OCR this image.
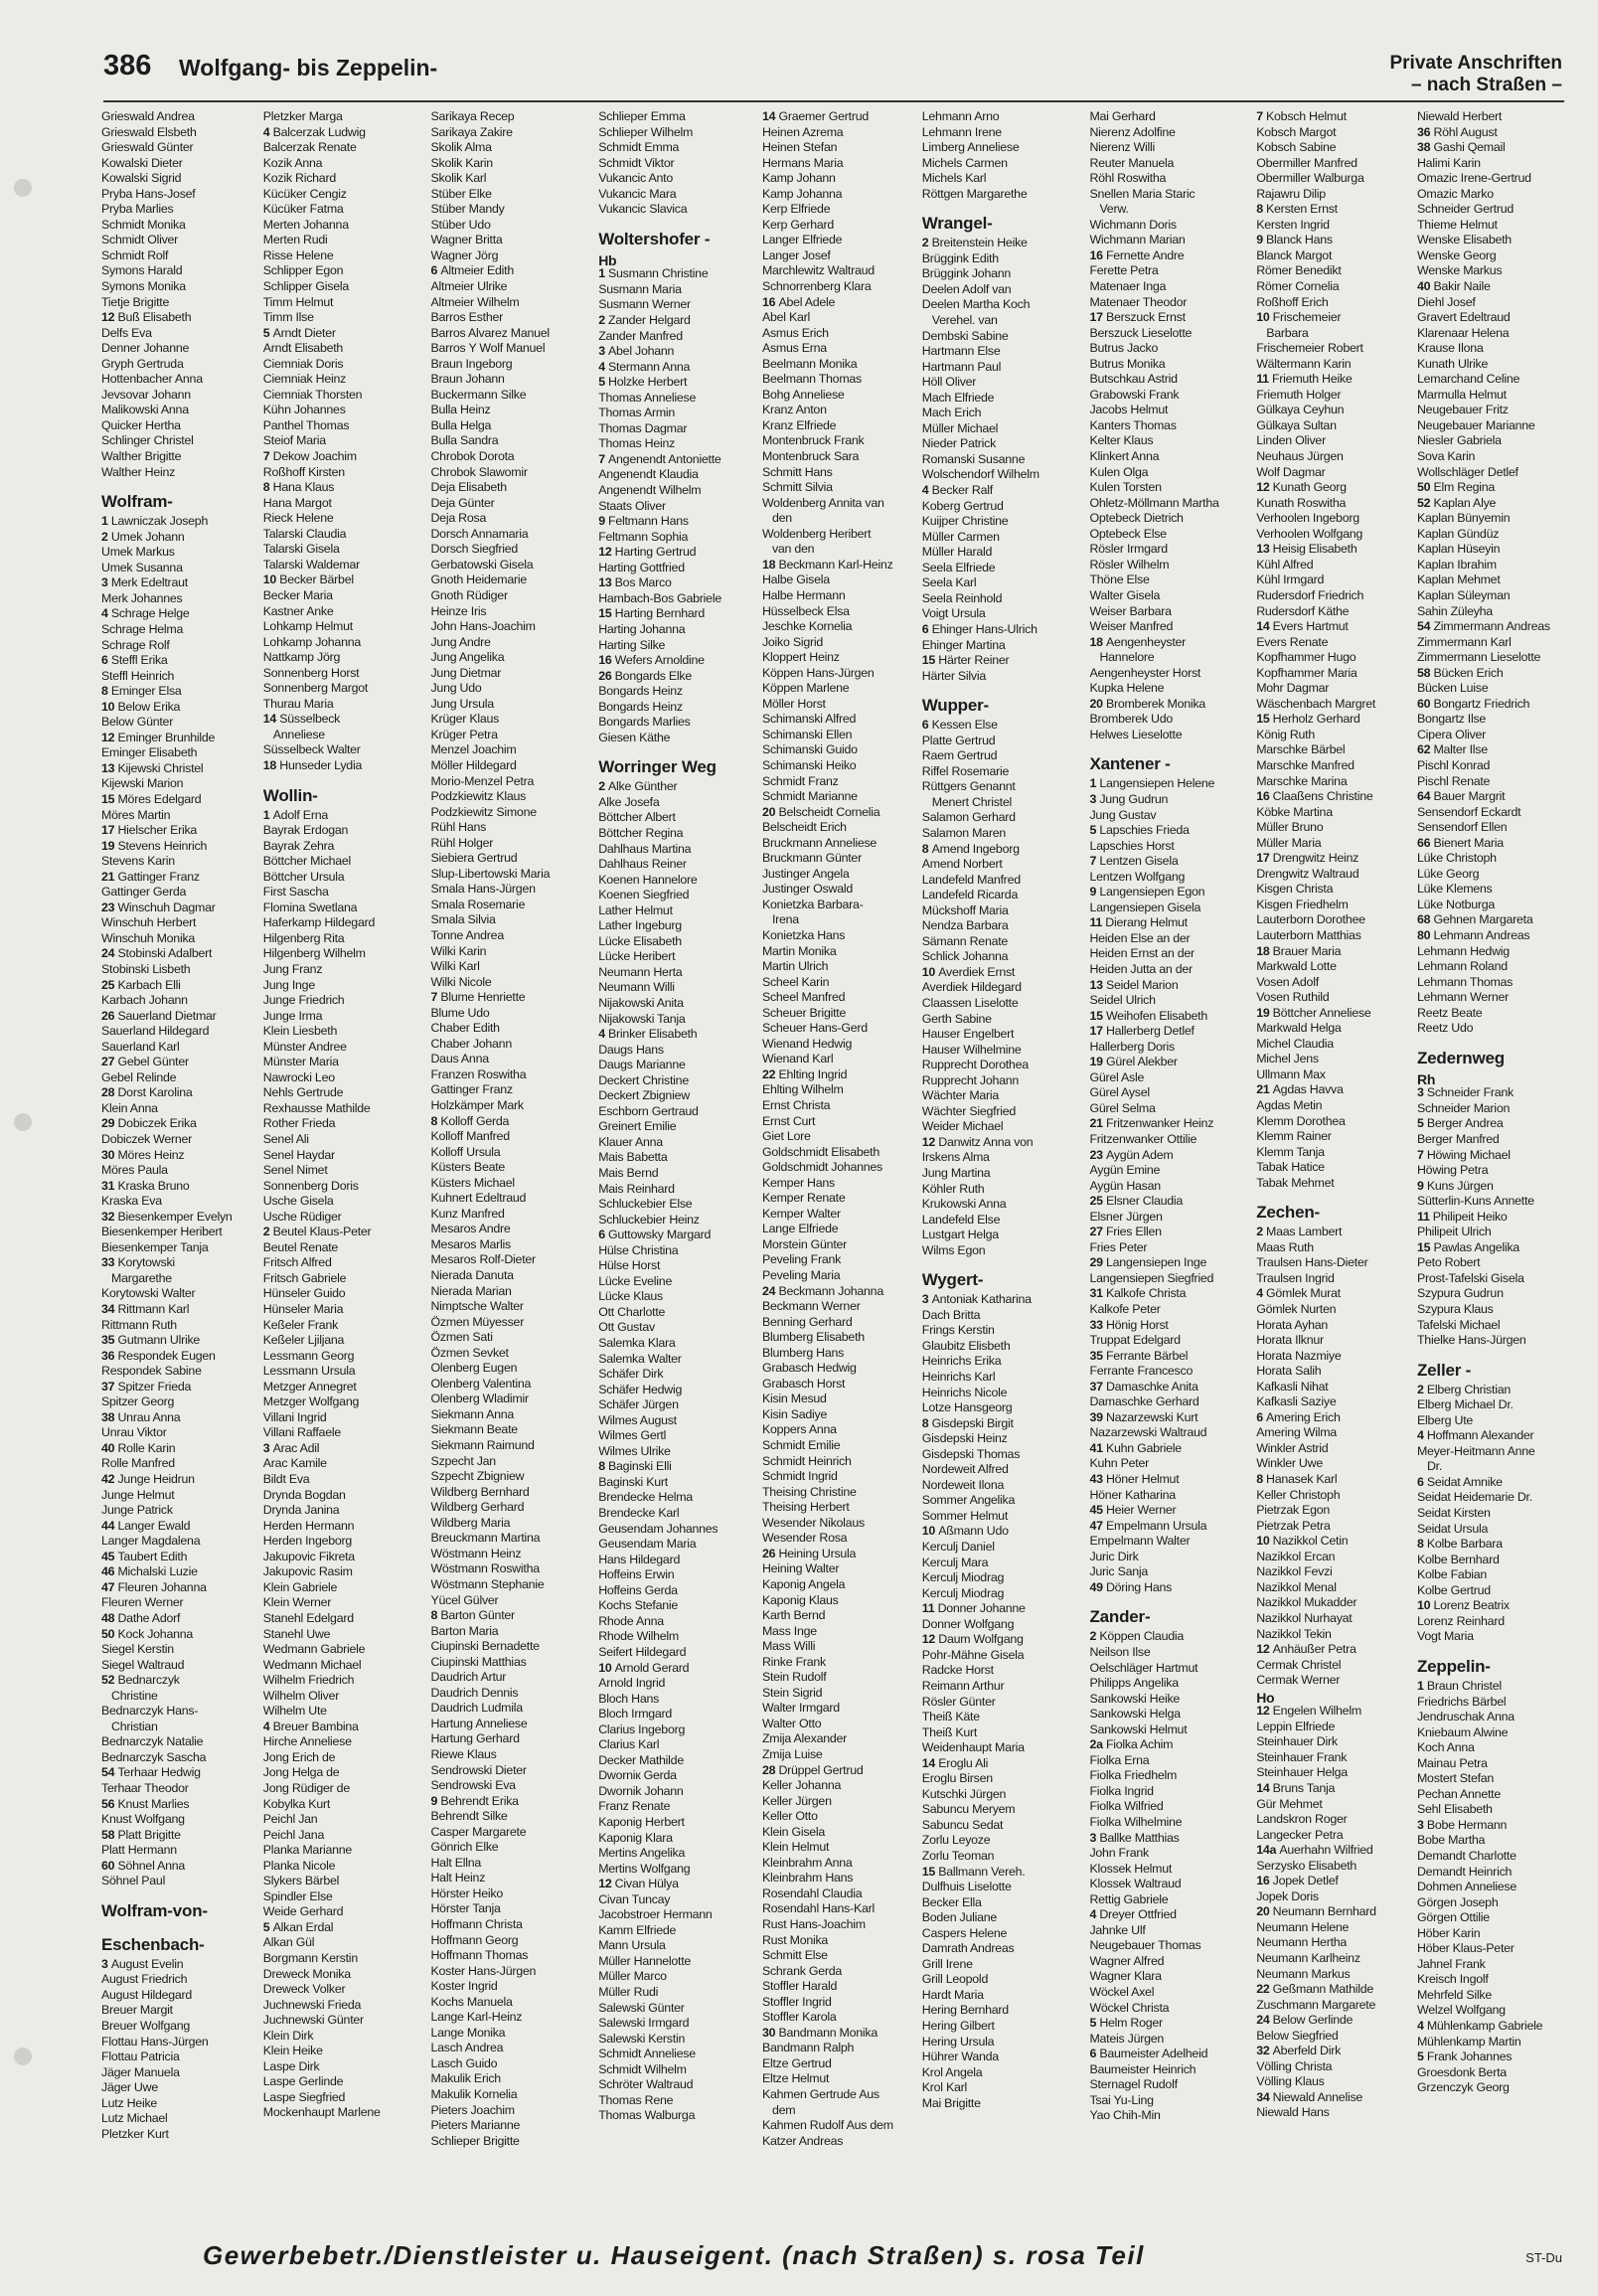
386 Wolfgang- bis Zeppelin-	Private Anschriften
– nach Straßen –
Grieswald Andrea
Grieswald Elsbeth
Grieswald Günter
Kowalski Dieter
Kowalski Sigrid
Pryba Hans-Josef
Pryba Marlies
Schmidt Monika
Schmidt Oliver
Schmidt Rolf
Symons Harald
Symons Monika
Tietje Brigitte
12 Buß Elisabeth
Delfs Eva
Denner Johanne
Gryph Gertruda
Hottenbacher Anna
Jevsovar Johann
Malikowski Anna
Quicker Hertha
Schlinger Christel
Walther Brigitte
Walther Heinz
Wolfram-
1 Lawniczak Joseph
2 Umek Johann
Umek Markus
Umek Susanna
3 Merk Edeltraut
Merk Johannes
4 Schrage Helge
Schrage Helma
Schrage Rolf
6 Steffl Erika
Steffl Heinrich
8 Eminger Elsa
10 Below Erika
Below Günter
12 Eminger Brunhilde
Eminger Elisabeth
13 Kijewski Christel
Kijewski Marion
15 Möres Edelgard
Möres Martin
17 Hielscher Erika
19 Stevens Heinrich
Stevens Karin
21 Gattinger Franz
Gattinger Gerda
23 Winschuh Dagmar
Winschuh Herbert
Winschuh Monika
24 Stobinski Adalbert
Stobinski Lisbeth
25 Karbach Elli
Karbach Johann
26 Sauerland Dietmar
Sauerland Hildegard
Sauerland Karl
27 Gebel Günter
Gebel Relinde
28 Dorst Karolina
Klein Anna
29 Dobiczek Erika
Dobiczek Werner
30 Möres Heinz
Möres Paula
31 Kraska Bruno
Kraska Eva
32 Biesenkemper Evelyn
Biesenkemper Heribert
Biesenkemper Tanja
33 Korytowski
Margarethe
Korytowski Walter
34 Rittmann Karl
Rittmann Ruth
35 Gutmann Ulrike
36 Respondek Eugen
Respondek Sabine
37 Spitzer Frieda
Spitzer Georg
38 Unrau Anna
Unrau Viktor
40 Rolle Karin
Rolle Manfred
42 Junge Heidrun
Junge Helmut
Junge Patrick
44 Langer Ewald
Langer Magdalena
45 Taubert Edith
46 Michalski Luzie
47 Fleuren Johanna
Fleuren Werner
48 Dathe Adorf
50 Kock Johanna
Siegel Kerstin
Siegel Waltraud
52 Bednarczyk
Christine
Bednarczyk Hans-
Christian
Bednarczyk Natalie
Bednarczyk Sascha
54 Terhaar Hedwig
Terhaar Theodor
56 Knust Marlies
Knust Wolfgang
58 Platt Brigitte
Platt Hermann
60 Söhnel Anna
Söhnel Paul
Wolfram-von-
Eschenbach-
3 August Evelin
August Friedrich
August Hildegard
Breuer Margit
Breuer Wolfgang
Flottau Hans-Jürgen
Flottau Patricia
Jäger Manuela
Jäger Uwe
Lutz Heike
Lutz Michael
Pletzker Kurt
Pletzker Marga
4 Balcerzak Ludwig
Balcerzak Renate
Kozik Anna
Kozik Richard
Kücüker Cengiz
Kücüker Fatma
Merten Johanna
Merten Rudi
Risse Helene
Schlipper Egon
Schlipper Gisela
Timm Helmut
Timm Ilse
5 Arndt Dieter
Arndt Elisabeth
Ciemniak Doris
Ciemniak Heinz
Ciemniak Thorsten
Kühn Johannes
Panthel Thomas
Steiof Maria
7 Dekow Joachim
Roßhoff Kirsten
8 Hana Klaus
Hana Margot
Rieck Helene
Talarski Claudia
Talarski Gisela
Talarski Waldemar
10 Becker Bärbel
Becker Maria
Kastner Anke
Lohkamp Helmut
Lohkamp Johanna
Nattkamp Jörg
Sonnenberg Horst
Sonnenberg Margot
Thurau Maria
14 Süsselbeck
Anneliese
Süsselbeck Walter
18 Hunseder Lydia
Wollin-
1 Adolf Erna
Bayrak Erdogan
Bayrak Zehra
Böttcher Michael
Böttcher Ursula
First Sascha
Flomina Swetlana
Haferkamp Hildegard
Hilgenberg Rita
Hilgenberg Wilhelm
Jung Franz
Jung Inge
Junge Friedrich
Junge Irma
Klein Liesbeth
Münster Andree
Münster Maria
Nawrocki Leo
Nehls Gertrude
Rexhausse Mathilde
Rother Frieda
Senel Ali
Senel Haydar
Senel Nimet
Sonnenberg Doris
Usche Gisela
Usche Rüdiger
2 Beutel Klaus-Peter
Beutel Renate
Fritsch Alfred
Fritsch Gabriele
Hünseler Guido
Hünseler Maria
Keßeler Frank
Keßeler Ljiljana
Lessmann Georg
Lessmann Ursula
Metzger Annegret
Metzger Wolfgang
Villani Ingrid
Villani Raffaele
3 Arac Adil
Arac Kamile
Bildt Eva
Drynda Bogdan
Drynda Janina
Herden Hermann
Herden Ingeborg
Jakupovic Fikreta
Jakupovic Rasim
Klein Gabriele
Klein Werner
Stanehl Edelgard
Stanehl Uwe
Wedmann Gabriele
Wedmann Michael
Wilhelm Friedrich
Wilhelm Oliver
Wilhelm Ute
4 Breuer Bambina
Hirche Anneliese
Jong Erich de
Jong Helga de
Jong Rüdiger de
Kobylka Kurt
Peichl Jan
Peichl Jana
Planka Marianne
Planka Nicole
Slykers Bärbel
Spindler Else
Weide Gerhard
5 Alkan Erdal
Alkan Gül
Borgmann Kerstin
Dreweck Monika
Dreweck Volker
Juchnewski Frieda
Juchnewski Günter
Klein Dirk
Klein Heike
Laspe Dirk
Laspe Gerlinde
Laspe Siegfried
Mockenhaupt Marlene
Sarikaya Recep
Sarikaya Zakire
Skolik Alma
Skolik Karin
Skolik Karl
Stüber Elke
Stüber Mandy
Stüber Udo
Wagner Britta
Wagner Jörg
6 Altmeier Edith
Altmeier Ulrike
Altmeier Wilhelm
Barros Esther
Barros Alvarez Manuel
Barros Y Wolf Manuel
Braun Ingeborg
Braun Johann
Buckermann Silke
Bulla Heinz
Bulla Helga
Bulla Sandra
Chrobok Dorota
Chrobok Slawomir
Deja Elisabeth
Deja Günter
Deja Rosa
Dorsch Annamaria
Dorsch Siegfried
Gerbatowski Gisela
Gnoth Heidemarie
Gnoth Rüdiger
Heinze Iris
John Hans-Joachim
Jung Andre
Jung Angelika
Jung Dietmar
Jung Udo
Jung Ursula
Krüger Klaus
Krüger Petra
Menzel Joachim
Möller Hildegard
Morio-Menzel Petra
Podzkiewitz Klaus
Podzkiewitz Simone
Rühl Hans
Rühl Holger
Siebiera Gertrud
Slup-Libertowski Maria
Smala Hans-Jürgen
Smala Rosemarie
Smala Silvia
Tonne Andrea
Wilki Karin
Wilki Karl
Wilki Nicole
7 Blume Henriette
Blume Udo
Chaber Edith
Chaber Johann
Daus Anna
Franzen Roswitha
Gattinger Franz
Holzkämper Mark
8 Kolloff Gerda
Kolloff Manfred
Kolloff Ursula
Küsters Beate
Küsters Michael
Kuhnert Edeltraud
Kunz Manfred
Mesaros Andre
Mesaros Marlis
Mesaros Rolf-Dieter
Nierada Danuta
Nierada Marian
Nimptsche Walter
Özmen Müyesser
Özmen Sati
Özmen Sevket
Olenberg Eugen
Olenberg Valentina
Olenberg Wladimir
Siekmann Anna
Siekmann Beate
Siekmann Raimund
Szpecht Jan
Szpecht Zbigniew
Wildberg Bernhard
Wildberg Gerhard
Wildberg Maria
Breuckmann Martina
Wöstmann Heinz
Wöstmann Roswitha
Wöstmann Stephanie
Yücel Gülver
8 Barton Günter
Barton Maria
Ciupinski Bernadette
Ciupinski Matthias
Daudrich Artur
Daudrich Dennis
Daudrich Ludmila
Hartung Anneliese
Hartung Gerhard
Riewe Klaus
Sendrowski Dieter
Sendrowski Eva
9 Behrendt Erika
Behrendt Silke
Casper Margarete
Gönrich Elke
Halt Ellna
Halt Heinz
Hörster Heiko
Hörster Tanja
Hoffmann Christa
Hoffmann Georg
Hoffmann Thomas
Koster Hans-Jürgen
Koster Ingrid
Kochs Manuela
Lange Karl-Heinz
Lange Monika
Lasch Andrea
Lasch Guido
Makulik Erich
Makulik Kornelia
Pieters Joachim
Pieters Marianne
Schlieper Brigitte
Schlieper Emma
Schlieper Wilhelm
Schmidt Emma
Schmidt Viktor
Vukancic Anto
Vukancic Mara
Vukancic Slavica
Woltershofer -
Hb
1 Susmann Christine
Susmann Maria
Susmann Werner
2 Zander Helgard
Zander Manfred
3 Abel Johann
4 Stermann Anna
5 Holzke Herbert
Thomas Anneliese
Thomas Armin
Thomas Dagmar
Thomas Heinz
7 Angenendt Antoniette
Angenendt Klaudia
Angenendt Wilhelm
Staats Oliver
9 Feltmann Hans
Feltmann Sophia
12 Harting Gertrud
Harting Gottfried
13 Bos Marco
Hambach-Bos Gabriele
15 Harting Bernhard
Harting Johanna
Harting Silke
16 Wefers Arnoldine
26 Bongards Elke
Bongards Heinz
Bongards Heinz
Bongards Marlies
Giesen Käthe
Worringer Weg
2 Alke Günther
Alke Josefa
Böttcher Albert
Böttcher Regina
Dahlhaus Martina
Dahlhaus Reiner
Koenen Hannelore
Koenen Siegfried
Lather Helmut
Lather Ingeburg
Lücke Elisabeth
Lücke Heribert
Neumann Herta
Neumann Willi
Nijakowski Anita
Nijakowski Tanja
4 Brinker Elisabeth
Daugs Hans
Daugs Marianne
Deckert Christine
Deckert Zbigniew
Eschborn Gertraud
Greinert Emilie
Klauer Anna
Mais Babetta
Mais Bernd
Mais Reinhard
Schluckebier Else
Schluckebier Heinz
6 Guttowsky Margard
Hülse Christina
Hülse Horst
Lücke Eveline
Lücke Klaus
Ott Charlotte
Ott Gustav
Salemka Klara
Salemka Walter
Schäfer Dirk
Schäfer Hedwig
Schäfer Jürgen
Wilmes August
Wilmes Gertl
Wilmes Ulrike
8 Baginski Elli
Baginski Kurt
Brendecke Helma
Brendecke Karl
Geusendam Johannes
Geusendam Maria
Hans Hildegard
Hoffeins Erwin
Hoffeins Gerda
Kochs Stefanie
Rhode Anna
Rhode Wilhelm
Seifert Hildegard
10 Arnold Gerard
Arnold Ingrid
Bloch Hans
Bloch Irmgard
Clarius Ingeborg
Clarius Karl
Decker Mathilde
Dworniк Gerda
Dwornik Johann
Franz Renate
Kaponig Herbert
Kaponig Klara
Mertins Angelika
Mertins Wolfgang
12 Civan Hülya
Civan Tuncay
Jacobstroer Hermann
Kamm Elfriede
Mann Ursula
Müller Hannelotte
Müller Marco
Müller Rudi
Salewski Günter
Salewski Irmgard
Salewski Kerstin
Schmidt Anneliese
Schmidt Wilhelm
Schröter Waltraud
Thomas Rene
Thomas Walburga
14 Graemer Gertrud
Heinen Azrema
Heinen Stefan
Hermans Maria
Kamp Johann
Kamp Johanna
Kerp Elfriede
Kerp Gerhard
Langer Elfriede
Langer Josef
Marchlewitz Waltraud
Schnorrenberg Klara
16 Abel Adele
Abel Karl
Asmus Erich
Asmus Erna
Beelmann Monika
Beelmann Thomas
Bohg Anneliese
Kranz Anton
Kranz Elfriede
Montenbruck Frank
Montenbruck Sara
Schmitt Hans
Schmitt Silvia
Woldenberg Annita van
den
Woldenberg Heribert
van den
18 Beckmann Karl-Heinz
Halbe Gisela
Halbe Hermann
Hüsselbeck Elsa
Jeschke Kornelia
Joiko Sigrid
Kloppert Heinz
Köppen Hans-Jürgen
Köppen Marlene
Möller Horst
Schimanski Alfred
Schimanski Ellen
Schimanski Guido
Schimanski Heiko
Schmidt Franz
Schmidt Marianne
20 Belscheidt Cornelia
Belscheidt Erich
Bruckmann Anneliese
Bruckmann Günter
Justinger Angela
Justinger Oswald
Konietzka Barbara-
Irena
Konietzka Hans
Martin Monika
Martin Ulrich
Scheel Karin
Scheel Manfred
Scheuer Brigitte
Scheuer Hans-Gerd
Wienand Hedwig
Wienand Karl
22 Ehlting Ingrid
Ehlting Wilhelm
Ernst Christa
Ernst Curt
Giet Lore
Goldschmidt Elisabeth
Goldschmidt Johannes
Kemper Hans
Kemper Renate
Kemper Walter
Lange Elfriede
Morstein Günter
Peveling Frank
Peveling Maria
24 Beckmann Johanna
Beckmann Werner
Benning Gerhard
Blumberg Elisabeth
Blumberg Hans
Grabasch Hedwig
Grabasch Horst
Kisin Mesud
Kisin Sadiye
Koppers Anna
Schmidt Emilie
Schmidt Heinrich
Schmidt Ingrid
Theising Christine
Theising Herbert
Wesender Nikolaus
Wesender Rosa
26 Heining Ursula
Heining Walter
Kaponig Angela
Kaponig Klaus
Karth Bernd
Mass Inge
Mass Willi
Rinke Frank
Stein Rudolf
Stein Sigrid
Walter Irmgard
Walter Otto
Zmija Alexander
Zmija Luise
28 Drüppel Gertrud
Keller Johanna
Keller Jürgen
Keller Otto
Klein Gisela
Klein Helmut
Kleinbrahm Anna
Kleinbrahm Hans
Rosendahl Claudia
Rosendahl Hans-Karl
Rust Hans-Joachim
Rust Monika
Schmitt Else
Schrank Gerda
Stoffler Harald
Stoffler Ingrid
Stoffler Karola
30 Bandmann Monika
Bandmann Ralph
Eltze Gertrud
Eltze Helmut
Kahmen Gertrude Aus
dem
Kahmen Rudolf Aus dem
Katzer Andreas
Lehmann Arno
Lehmann Irene
Limberg Anneliese
Michels Carmen
Michels Karl
Röttgen Margarethe
Wrangel-
2 Breitenstein Heike
Brüggink Edith
Brüggink Johann
Deelen Adolf van
Deelen Martha Koch
Verehel. van
Dembski Sabine
Hartmann Else
Hartmann Paul
Höll Oliver
Mach Elfriede
Mach Erich
Müller Michael
Nieder Patrick
Romanski Susanne
Wolschendorf Wilhelm
4 Becker Ralf
Koberg Gertrud
Kuijper Christine
Müller Carmen
Müller Harald
Seela Elfriede
Seela Karl
Seela Reinhold
Voigt Ursula
6 Ehinger Hans-Ulrich
Ehinger Martina
15 Härter Reiner
Härter Silvia
Wupper-
6 Kessen Else
Platte Gertrud
Raem Gertrud
Riffel Rosemarie
Rüttgers Genannt
Menert Christel
Salamon Gerhard
Salamon Maren
8 Amend Ingeborg
Amend Norbert
Landefeld Manfred
Landefeld Ricarda
Mückshoff Maria
Nendza Barbara
Sämann Renate
Schlick Johanna
10 Averdiek Ernst
Averdiek Hildegard
Claassen Liselotte
Gerth Sabine
Hauser Engelbert
Hauser Wilhelmine
Rupprecht Dorothea
Rupprecht Johann
Wächter Maria
Wächter Siegfried
Weider Michael
12 Danwitz Anna von
Irskens Alma
Jung Martina
Köhler Ruth
Krukowski Anna
Landefeld Else
Lustgart Helga
Wilms Egon
Wygert-
3 Antoniak Katharina
Dach Britta
Frings Kerstin
Glaubitz Elisbeth
Heinrichs Erika
Heinrichs Karl
Heinrichs Nicole
Lotze Hansgeorg
8 Gisdepski Birgit
Gisdepski Heinz
Gisdepski Thomas
Nordeweit Alfred
Nordeweit Ilona
Sommer Angelika
Sommer Helmut
10 Aßmann Udo
Kerculj Daniel
Kerculj Mara
Kerculj Miodrag
Kerculj Miodrag
11 Donner Johanne
Donner Wolfgang
12 Daum Wolfgang
Pohr-Mähne Gisela
Radcke Horst
Reimann Arthur
Rösler Günter
Theiß Käte
Theiß Kurt
Weidenhaupt Maria
14 Eroglu Ali
Eroglu Birsen
Kutschki Jürgen
Sabuncu Meryem
Sabuncu Sedat
Zorlu Leyoze
Zorlu Teoman
15 Ballmann Vereh.
Dulfhuis Liselotte
Becker Ella
Boden Juliane
Caspers Helene
Damrath Andreas
Grill Irene
Grill Leopold
Hardt Maria
Hering Bernhard
Hering Gilbert
Hering Ursula
Hührer Wanda
Krol Angela
Krol Karl
Mai Brigitte
Mai Gerhard
Nierenz Adolfine
Nierenz Willi
Reuter Manuela
Röhl Roswitha
Snellen Maria Staric
Verw.
Wichmann Doris
Wichmann Marian
16 Fernette Andre
Ferette Petra
Matenaer Inga
Matenaer Theodor
17 Berszuck Ernst
Berszuck Lieselotte
Butrus Jacko
Butrus Monika
Butschkau Astrid
Grabowski Frank
Jacobs Helmut
Kanters Thomas
Kelter Klaus
Klinkert Anna
Kulen Olga
Kulen Torsten
Ohletz-Möllmann Martha
Optebeck Dietrich
Optebeck Else
Rösler Irmgard
Rösler Wilhelm
Thöne Else
Walter Gisela
Weiser Barbara
Weiser Manfred
18 Aengenheyster
Hannelore
Aengenheyster Horst
Kupka Helene
20 Bromberek Monika
Bromberek Udo
Helwes Lieselotte
Xantener -
1 Langensiepen Helene
3 Jung Gudrun
Jung Gustav
5 Lapschies Frieda
Lapschies Horst
7 Lentzen Gisela
Lentzen Wolfgang
9 Langensiepen Egon
Langensiepen Gisela
11 Dierang Helmut
Heiden Else an der
Heiden Ernst an der
Heiden Jutta an der
13 Seidel Marion
Seidel Ulrich
15 Weihofen Elisabeth
17 Hallerberg Detlef
Hallerberg Doris
19 Gürel Alekber
Gürel Asle
Gürel Aysel
Gürel Selma
21 Fritzenwanker Heinz
Fritzenwanker Ottilie
23 Aygün Adem
Aygün Emine
Aygün Hasan
25 Elsner Claudia
Elsner Jürgen
27 Fries Ellen
Fries Peter
29 Langensiepen Inge
Langensiepen Siegfried
31 Kalkofe Christa
Kalkofe Peter
33 Hönig Horst
Truppat Edelgard
35 Ferrante Bärbel
Ferrante Francesco
37 Damaschke Anita
Damaschke Gerhard
39 Nazarzewski Kurt
Nazarzewski Waltraud
41 Kuhn Gabriele
Kuhn Peter
43 Höner Helmut
Höner Katharina
45 Heier Werner
47 Empelmann Ursula
Empelmann Walter
Juric Dirk
Juric Sanja
49 Döring Hans
Zander-
2 Köppen Claudia
Neilson Ilse
Oelschläger Hartmut
Philipps Angelika
Sankowski Heike
Sankowski Helga
Sankowski Helmut
2a Fiolka Achim
Fiolka Erna
Fiolka Friedhelm
Fiolka Ingrid
Fiolka Wilfried
Fiolka Wilhelmine
3 Ballke Matthias
John Frank
Klossek Helmut
Klossek Waltraud
Rettig Gabriele
4 Dreyer Ottfried
Jahnke Ulf
Neugebauer Thomas
Wagner Alfred
Wagner Klara
Wöckel Axel
Wöckel Christa
5 Helm Roger
Mateis Jürgen
6 Baumeister Adelheid
Baumeister Heinrich
Sternagel Rudolf
Tsai Yu-Ling
Yao Chih-Min
7 Kobsch Helmut
Kobsch Margot
Kobsch Sabine
Obermiller Manfred
Obermiller Walburga
Rajawru Dilip
8 Kersten Ernst
Kersten Ingrid
9 Blanck Hans
Blanck Margot
Römer Benedikt
Römer Cornelia
Roßhoff Erich
10 Frischemeier
Barbara
Frischemeier Robert
Wältermann Karin
11 Friemuth Heike
Friemuth Holger
Gülkaya Ceyhun
Gülkaya Sultan
Linden Oliver
Neuhaus Jürgen
Wolf Dagmar
12 Kunath Georg
Kunath Roswitha
Verhoolen Ingeborg
Verhoolen Wolfgang
13 Heisig Elisabeth
Kühl Alfred
Kühl Irmgard
Rudersdorf Friedrich
Rudersdorf Käthe
14 Evers Hartmut
Evers Renate
Kopfhammer Hugo
Kopfhammer Maria
Mohr Dagmar
Wäschenbach Margret
15 Herholz Gerhard
König Ruth
Marschke Bärbel
Marschke Manfred
Marschke Marina
16 Claaßens Christine
Köbke Martina
Müller Bruno
Müller Maria
17 Drengwitz Heinz
Drengwitz Waltraud
Kisgen Christa
Kisgen Friedhelm
Lauterborn Dorothee
Lauterborn Matthias
18 Brauer Maria
Markwald Lotte
Vosen Adolf
Vosen Ruthild
19 Böttcher Anneliese
Markwald Helga
Michel Claudia
Michel Jens
Ullmann Max
21 Agdas Havva
Agdas Metin
Klemm Dorothea
Klemm Rainer
Klemm Tanja
Tabak Hatice
Tabak Mehmet
Zechen-
2 Maas Lambert
Maas Ruth
Traulsen Hans-Dieter
Traulsen Ingrid
4 Gömlek Murat
Gömlek Nurten
Horata Ayhan
Horata Ilknur
Horata Nazmiye
Horata Salih
Kafkasli Nihat
Kafkasli Saziye
6 Amering Erich
Amering Wilma
Winkler Astrid
Winkler Uwe
8 Hanasek Karl
Keller Christoph
Pietrzak Egon
Pietrzak Petra
10 Nazikkol Cetin
Nazikkol Ercan
Nazikkol Fevzi
Nazikkol Menal
Nazikkol Mukadder
Nazikkol Nurhayat
Nazikkol Tekin
12 Anhäußer Petra
Cermak Christel
Cermak Werner
Ho
12 Engelen Wilhelm
Leppin Elfriede
Steinhauer Dirk
Steinhauer Frank
Steinhauer Helga
14 Bruns Tanja
Gür Mehmet
Landskron Roger
Langecker Petra
14a Auerhahn Wilfried
Serzysko Elisabeth
16 Jopek Detlef
Jopek Doris
20 Neumann Bernhard
Neumann Helene
Neumann Hertha
Neumann Karlheinz
Neumann Markus
22 Geßmann Mathilde
Zuschmann Margarete
24 Below Gerlinde
Below Siegfried
32 Aberfeld Dirk
Völling Christa
Völling Klaus
34 Niewald Annelise
Niewald Hans
Niewald Herbert
36 Röhl August
38 Gashi Qemail
Halimi Karin
Omazic Irene-Gertrud
Omazic Marko
Schneider Gertrud
Thieme Helmut
Wenske Elisabeth
Wenske Georg
Wenske Markus
40 Bakir Naile
Diehl Josef
Gravert Edeltraud
Klarenaar Helena
Krause Ilona
Kunath Ulrike
Lemarchand Celine
Marmulla Helmut
Neugebauer Fritz
Neugebauer Marianne
Niesler Gabriela
Sova Karin
Wollschläger Detlef
50 Elm Regina
52 Kaplan Alye
Kaplan Bünyemin
Kaplan Gündüz
Kaplan Hüseyin
Kaplan Ibrahim
Kaplan Mehmet
Kaplan Süleyman
Sahin Züleyha
54 Zimmermann Andreas
Zimmermann Karl
Zimmermann Lieselotte
58 Bücken Erich
Bücken Luise
60 Bongartz Friedrich
Bongartz Ilse
Cipera Oliver
62 Malter Ilse
Pischl Konrad
Pischl Renate
64 Bauer Margrit
Sensendorf Eckardt
Sensendorf Ellen
66 Bienert Maria
Lüke Christoph
Lüke Georg
Lüke Klemens
Lüke Notburga
68 Gehnen Margareta
80 Lehmann Andreas
Lehmann Hedwig
Lehmann Roland
Lehmann Thomas
Lehmann Werner
Reetz Beate
Reetz Udo
Zedernweg
Rh
3 Schneider Frank
Schneider Marion
5 Berger Andrea
Berger Manfred
7 Höwing Michael
Höwing Petra
9 Kuns Jürgen
Sütterlin-Kuns Annette
11 Philipeit Heiko
Philipeit Ulrich
15 Pawlas Angelika
Peto Robert
Prost-Tafelski Gisela
Szypura Gudrun
Szypura Klaus
Tafelski Michael
Thielke Hans-Jürgen
Zeller -
2 Elberg Christian
Elberg Michael Dr.
Elberg Ute
4 Hoffmann Alexander
Meyer-Heitmann Anne
Dr.
6 Seidat Amnike
Seidat Heidemarie Dr.
Seidat Kirsten
Seidat Ursula
8 Kolbe Barbara
Kolbe Bernhard
Kolbe Fabian
Kolbe Gertrud
10 Lorenz Beatrix
Lorenz Reinhard
Vogt Maria
Zeppelin-
1 Braun Christel
Friedrichs Bärbel
Jendruschak Anna
Kniebaum Alwine
Koch Anna
Mainau Petra
Mostert Stefan
Pechan Annette
Sehl Elisabeth
3 Bobe Hermann
Bobe Martha
Demandt Charlotte
Demandt Heinrich
Dohmen Anneliese
Görgen Joseph
Görgen Ottilie
Höber Karin
Höber Klaus-Peter
Jahnel Frank
Kreisch Ingolf
Mehrfeld Silke
Welzel Wolfgang
4 Mühlenkamp Gabriele
Mühlenkamp Martin
5 Frank Johannes
Groesdonk Berta
Grzenczyk Georg
Gewerbebetr./Dienstleister u. Hauseigent. (nach Straßen) s. rosa Teil	ST-Du
